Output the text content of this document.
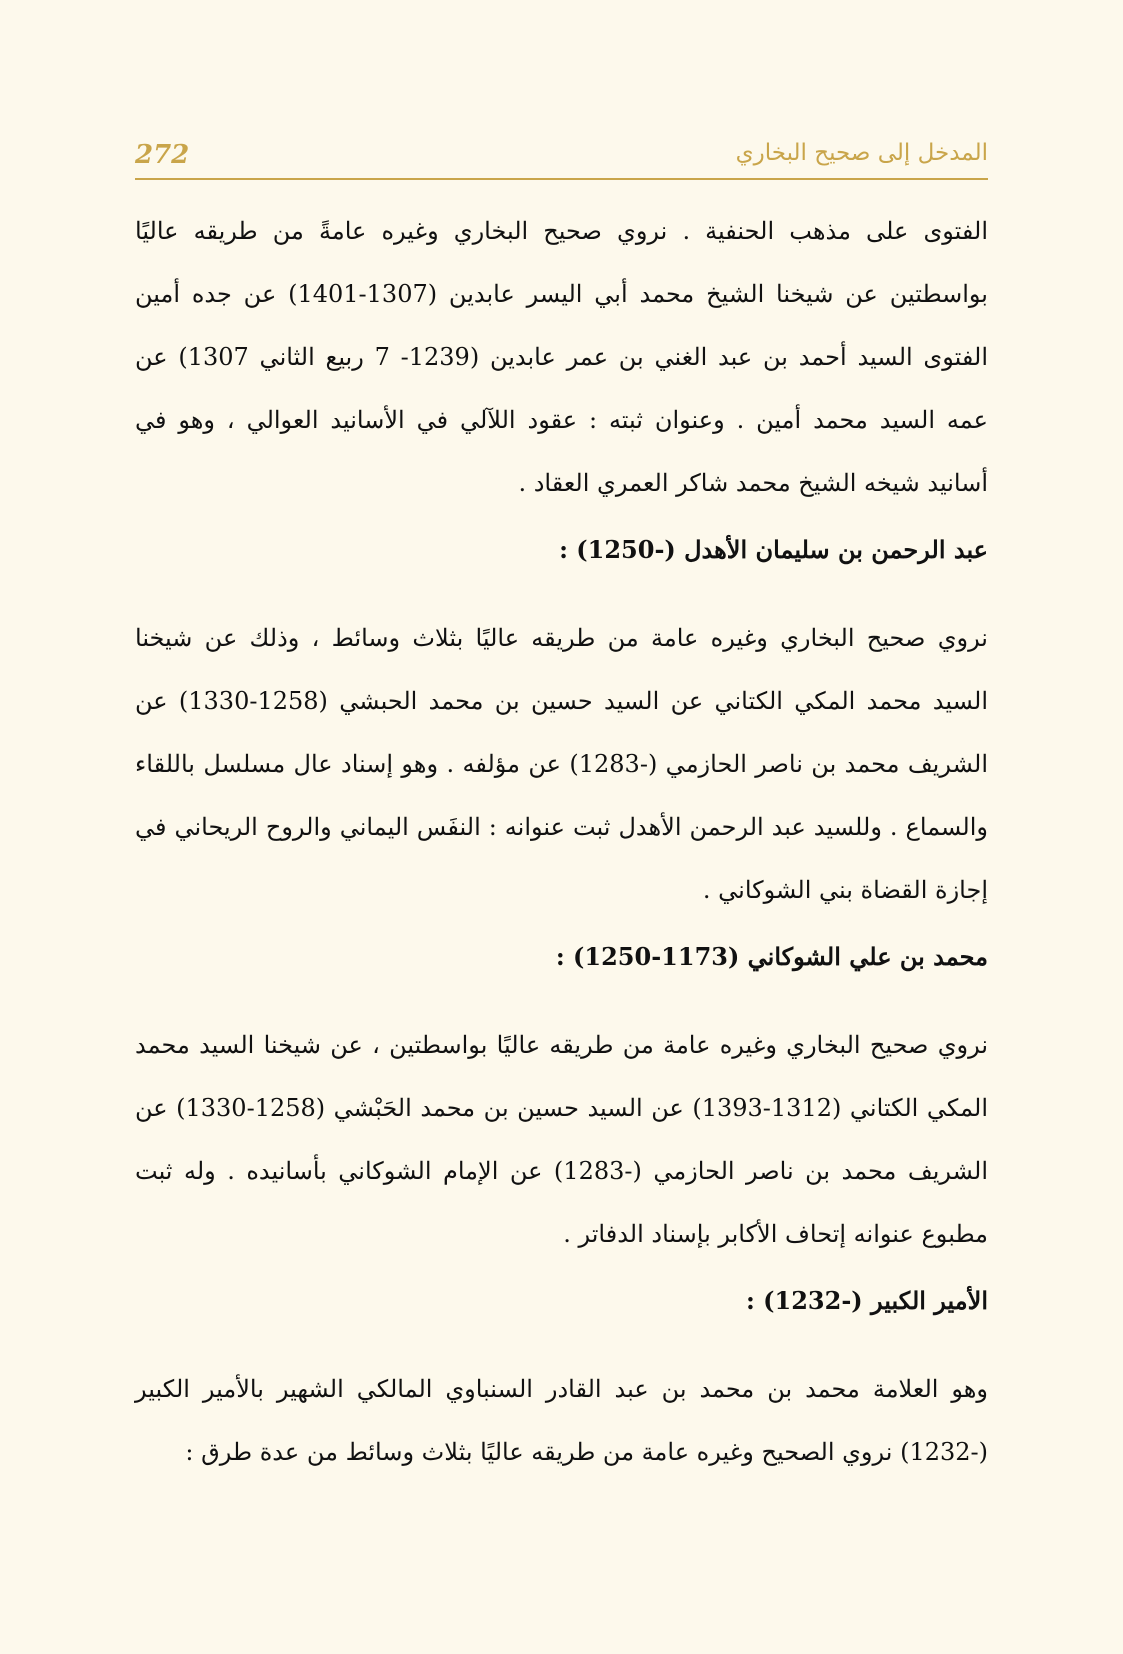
272	المدخل إلى صحيح البخاري

الفتوى على مذهب الحنفية . نروي صحيح البخاري وغيره عامةً من طريقه عاليًا بواسطتين عن شيخنا الشيخ محمد أبي اليسر عابدين (1307-1401) عن جده أمين الفتوى السيد أحمد بن عبد الغني بن عمر عابدين (1239- 7 ربيع الثاني 1307) عن عمه السيد محمد أمين . وعنوان ثبته : عقود اللآلي في الأسانيد العوالي ، وهو في أسانيد شيخه الشيخ محمد شاكر العمري العقاد .

عبد الرحمن بن سليمان الأهدل (-1250) :

نروي صحيح البخاري وغيره عامة من طريقه عاليًا بثلاث وسائط ، وذلك عن شيخنا السيد محمد المكي الكتاني عن السيد حسين بن محمد الحبشي (1258-1330) عن الشريف محمد بن ناصر الحازمي (-1283) عن مؤلفه . وهو إسناد عال مسلسل باللقاء والسماع . وللسيد عبد الرحمن الأهدل ثبت عنوانه : النفَس اليماني والروح الريحاني في إجازة القضاة بني الشوكاني .

محمد بن علي الشوكاني (1173-1250) :

نروي صحيح البخاري وغيره عامة من طريقه عاليًا بواسطتين ، عن شيخنا السيد محمد المكي الكتاني (1312-1393) عن السيد حسين بن محمد الحَبْشي (1258-1330) عن الشريف محمد بن ناصر الحازمي (-1283) عن الإمام الشوكاني بأسانيده . وله ثبت مطبوع عنوانه إتحاف الأكابر بإسناد الدفاتر .

الأمير الكبير (-1232) :

وهو العلامة محمد بن محمد بن عبد القادر السنباوي المالكي الشهير بالأمير الكبير (-1232) نروي الصحيح وغيره عامة من طريقه عاليًا بثلاث وسائط من عدة طرق :
